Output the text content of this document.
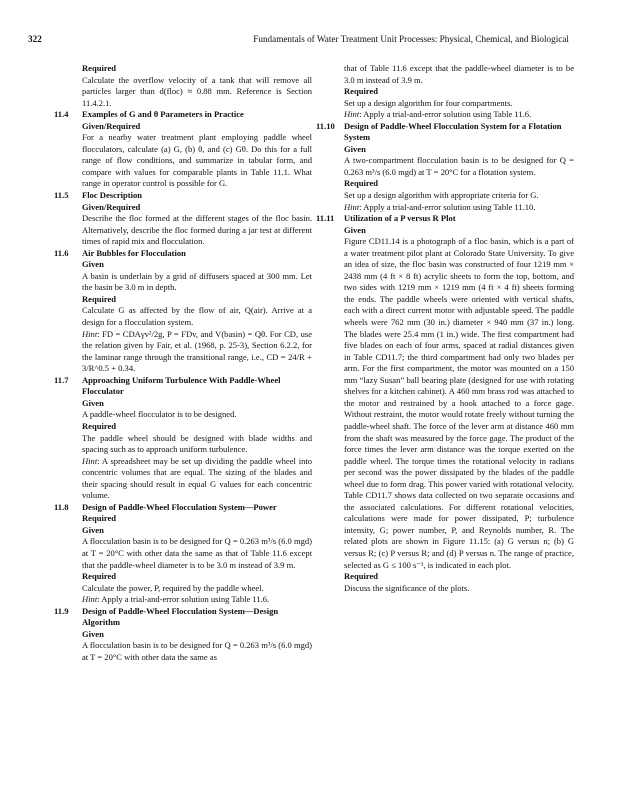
322	Fundamentals of Water Treatment Unit Processes: Physical, Chemical, and Biological

Required

Calculate the overflow velocity of a tank that will remove all particles larger than d(floc) ≈ 0.88 mm. Reference is Section 11.4.2.1.

11.4	Examples of G and θ Parameters in Practice

Given/Required

For a nearby water treatment plant employing paddle wheel flocculators, calculate (a) G, (b) θ, and (c) Gθ. Do this for a full range of flow conditions, and summarize in tabular form, and compare with values for comparable plants in Table 11.1. What range in operator control is possible for G.

11.5	Floc Description

Given/Required

Describe the floc formed at the different stages of the floc basin. Alternatively, describe the floc formed during a jar test at different times of rapid mix and flocculation.

11.6	Air Bubbles for Flocculation

Given

A basin is underlain by a grid of diffusers spaced at 300 mm. Let the basin be 3.0 m in depth.

Required

Calculate G as affected by the flow of air, Q(air). Arrive at a design for a flocculation system.

Hint: FD = CDAγv²/2g, P = FDv, and V(basin) = Qθ. For CD, use the relation given by Fair, et al. (1968, p. 25-3), Section 6.2.2, for the laminar range through the transitional range, i.e., CD = 24/R + 3/R^0.5 + 0.34.

11.7	Approaching Uniform Turbulence With Paddle-Wheel Flocculator

Given

A paddle-wheel flocculator is to be designed.

Required

The paddle wheel should be designed with blade widths and spacing such as to approach uniform turbulence.

Hint: A spreadsheet may be set up dividing the paddle wheel into concentric volumes that are equal. The sizing of the blades and their spacing should result in equal G values for each concentric volume.

11.8	Design of Paddle-Wheel Flocculation System—Power Required

Given

A flocculation basin is to be designed for Q = 0.263 m³/s (6.0 mgd) at T = 20°C with other data the same as that of Table 11.6 except that the paddle-wheel diameter is to be 3.0 m instead of 3.9 m.

Required

Calculate the power, P, required by the paddle wheel.

Hint: Apply a trial-and-error solution using Table 11.6.

11.9	Design of Paddle-Wheel Flocculation System—Design Algorithm

Given

A flocculation basin is to be designed for Q = 0.263 m³/s (6.0 mgd) at T = 20°C with other data the same as

that of Table 11.6 except that the paddle-wheel diameter is to be 3.0 m instead of 3.9 m.

Required

Set up a design algorithm for four compartments.

Hint: Apply a trial-and-error solution using Table 11.6.

11.10	Design of Paddle-Wheel Flocculation System for a Flotation System

Given

A two-compartment flocculation basin is to be designed for Q = 0.263 m³/s (6.0 mgd) at T = 20°C for a flotation system.

Required

Set up a design algorithm with appropriate criteria for G.

Hint: Apply a trial-and-error solution using Table 11.10.

11.11	Utilization of a P versus R Plot

Given

Figure CD11.14 is a photograph of a floc basin, which is a part of a water treatment pilot plant at Colorado State University. To give an idea of size, the floc basin was constructed of four 1219 mm × 2438 mm (4 ft × 8 ft) acrylic sheets to form the top, bottom, and two sides with 1219 mm × 1219 mm (4 ft × 4 ft) sheets forming the ends. The paddle wheels were oriented with vertical shafts, each with a direct current motor with adjustable speed. The paddle wheels were 762 mm (30 in.) diameter × 940 mm (37 in.) long. The blades were 25.4 mm (1 in.) wide. The first compartment had five blades on each of four arms, spaced at radial distances given in Table CD11.7; the third compartment had only two blades per arm. For the first compartment, the motor was mounted on a 150 mm “lazy Susan” ball bearing plate (designed for use with rotating shelves for a kitchen cabinet). A 460 mm brass rod was attached to the motor and restrained by a hook attached to a force gage. Without restraint, the motor would rotate freely without turning the paddle-wheel shaft. The force of the lever arm at distance 460 mm from the shaft was measured by the force gage. The product of the force times the lever arm distance was the torque exerted on the paddle wheel. The torque times the rotational velocity in radians per second was the power dissipated by the blades of the paddle wheel due to form drag. This power varied with rotational velocity. Table CD11.7 shows data collected on two separate occasions and the associated calculations. For different rotational velocities, calculations were made for power dissipated, P; turbulence intensity, G; power number, P, and Reynolds number, R. The related plots are shown in Figure 11.15: (a) G versus n; (b) G versus R; (c) P versus R; and (d) P versus n. The range of practice, selected as G ≤ 100 s⁻¹, is indicated in each plot.

Required

Discuss the significance of the plots.
